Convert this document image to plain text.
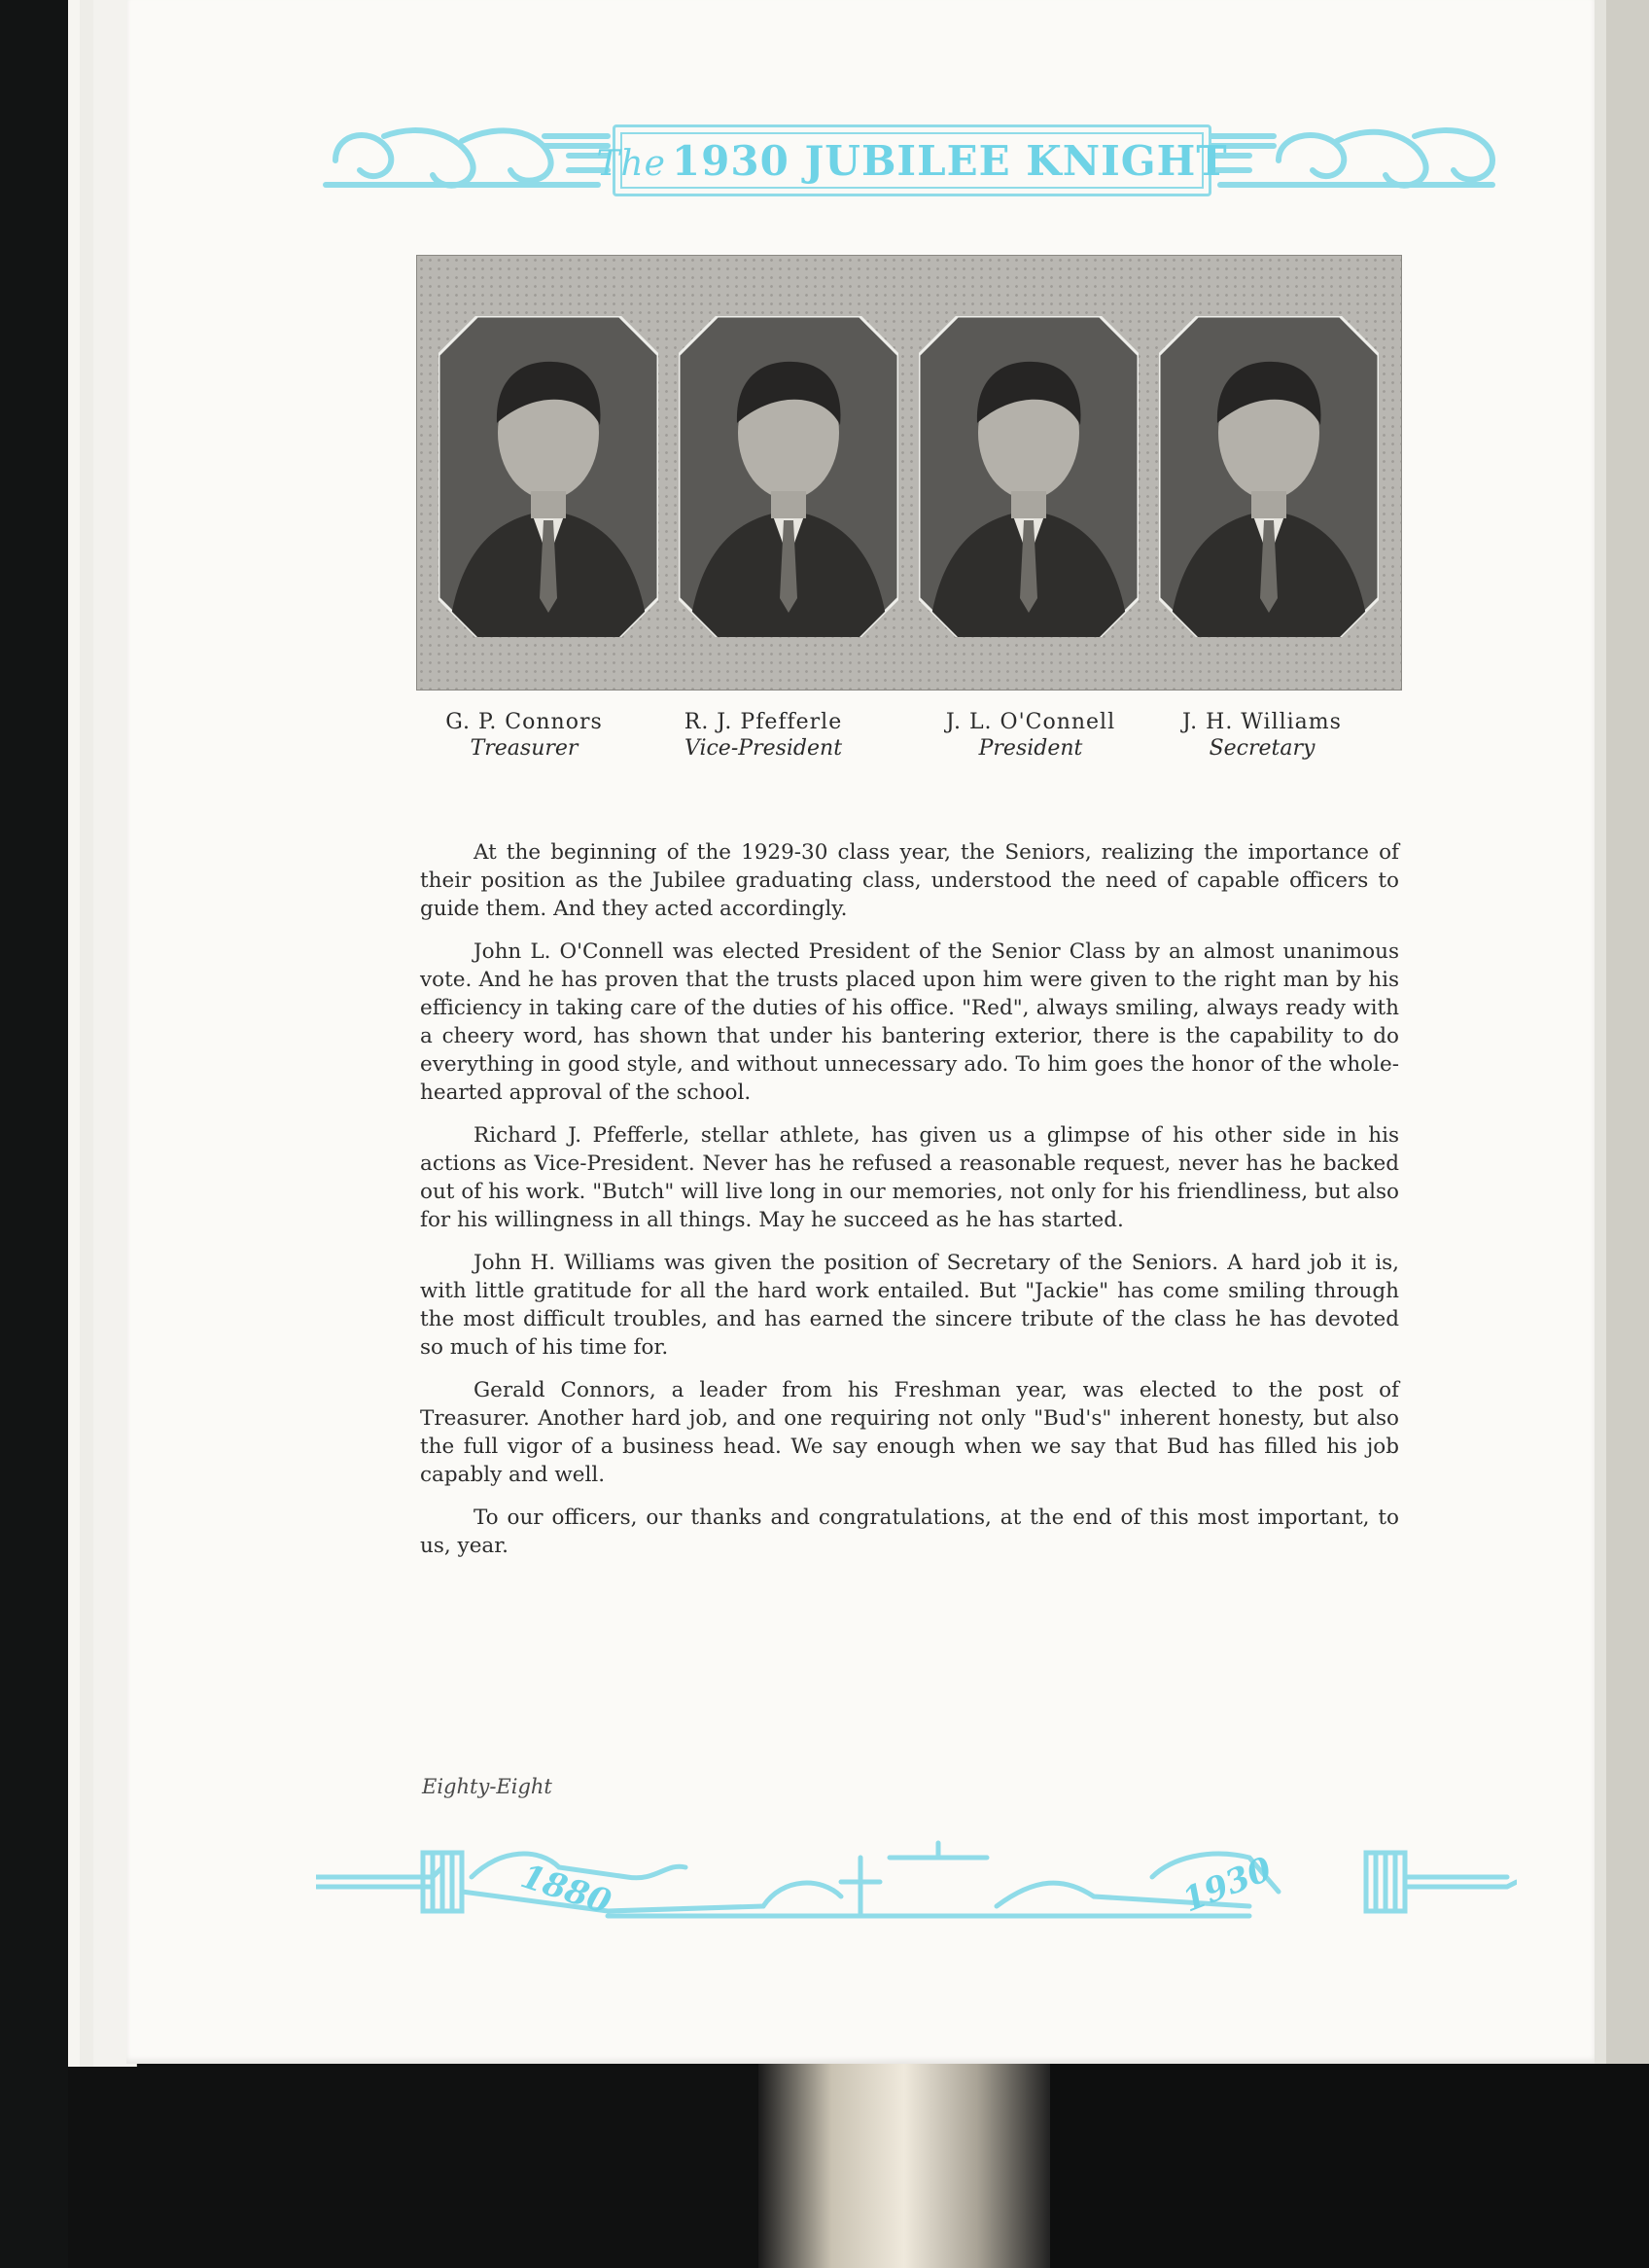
The 1930 JUBILEE KNIGHT
G. P. Connors
Treasurer
R. J. Pfefferle
Vice-President
J. L. O'Connell
President
J. H. Williams
Secretary

At the beginning of the 1929-30 class year, the Seniors, realizing the importance of their position as the Jubilee graduating class, understood the need of capable officers to guide them. And they acted accordingly.

John L. O'Connell was elected President of the Senior Class by an almost unanimous vote. And he has proven that the trusts placed upon him were given to the right man by his efficiency in taking care of the duties of his office. "Red", always smiling, always ready with a cheery word, has shown that under his bantering exterior, there is the capability to do everything in good style, and without unnecessary ado. To him goes the honor of the whole-hearted approval of the school.

Richard J. Pfefferle, stellar athlete, has given us a glimpse of his other side in his actions as Vice-President. Never has he refused a reasonable request, never has he backed out of his work. "Butch" will live long in our memories, not only for his friendliness, but also for his willingness in all things. May he succeed as he has started.

John H. Williams was given the position of Secretary of the Seniors. A hard job it is, with little gratitude for all the hard work entailed. But "Jackie" has come smiling through the most difficult troubles, and has earned the sincere tribute of the class he has devoted so much of his time for.

Gerald Connors, a leader from his Freshman year, was elected to the post of Treasurer. Another hard job, and one requiring not only "Bud's" inherent honesty, but also the full vigor of a business head. We say enough when we say that Bud has filled his job capably and well.

To our officers, our thanks and congratulations, at the end of this most important, to us, year.

Eighty-Eight
1880	1930
